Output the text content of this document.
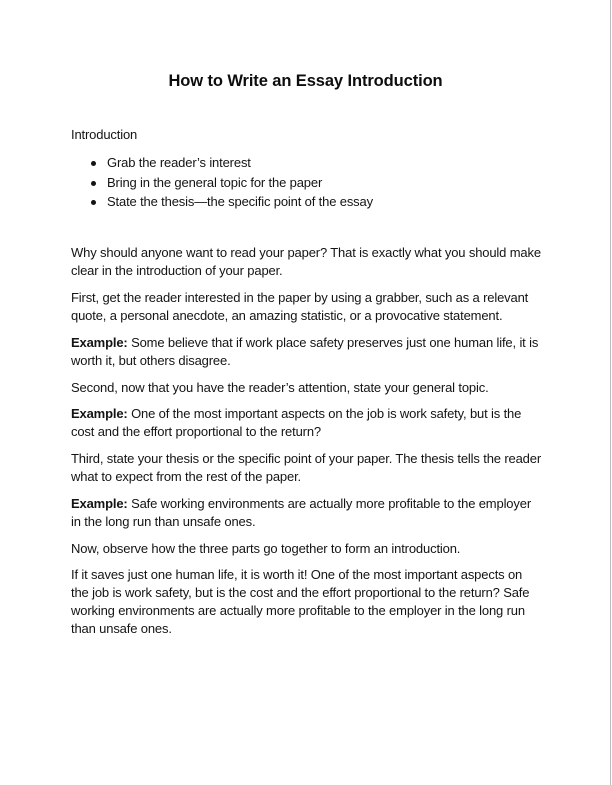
How to Write an Essay Introduction
Introduction
Grab the reader’s interest
Bring in the general topic for the paper
State the thesis—the specific point of the essay

Why should anyone want to read your paper? That is exactly what you should make clear in the introduction of your paper.

First, get the reader interested in the paper by using a grabber, such as a relevant quote, a personal anecdote, an amazing statistic, or a provocative statement.

Example: Some believe that if work place safety preserves just one human life, it is worth it, but others disagree.

Second, now that you have the reader’s attention, state your general topic.

Example: One of the most important aspects on the job is work safety, but is the cost and the effort proportional to the return?

Third, state your thesis or the specific point of your paper. The thesis tells the reader what to expect from the rest of the paper.

Example: Safe working environments are actually more profitable to the employer in the long run than unsafe ones.

Now, observe how the three parts go together to form an introduction.

If it saves just one human life, it is worth it! One of the most important aspects on the job is work safety, but is the cost and the effort proportional to the return? Safe working environments are actually more profitable to the employer in the long run than unsafe ones.
